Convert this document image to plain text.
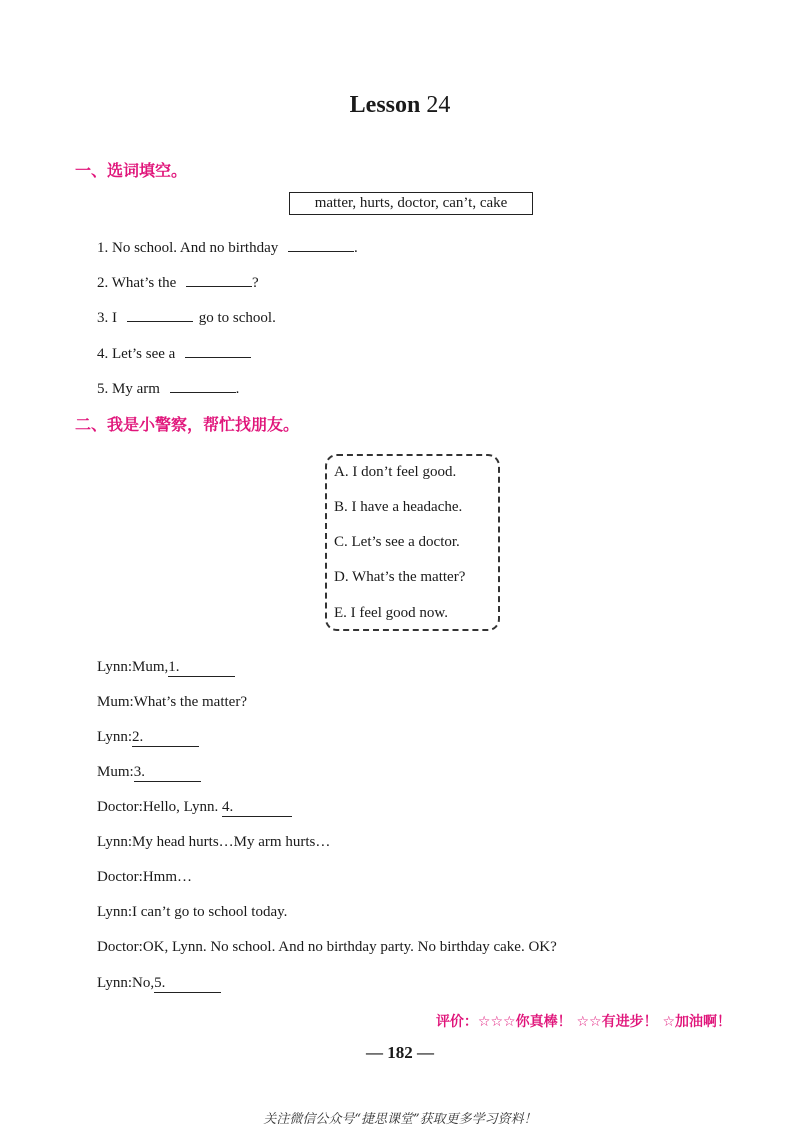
Lesson 24
一、选词填空。
matter, hurts, doctor, can’t, cake
1. No school. And no birthday	.
2. What’s the	?
3. I	go to school.
4. Let’s see a
5. My arm	.
二、我是小警察，帮忙找朋友。
A. I don’t feel good.
B. I have a headache.
C. Let’s see a doctor.
D. What’s the matter?
E. I feel good now.
Lynn:Mum,1.
Mum:What’s the matter?
Lynn:2.
Mum:3.
Doctor:Hello, Lynn. 4.
Lynn:My head hurts…My arm hurts…
Doctor:Hmm…
Lynn:I can’t go to school today.
Doctor:OK, Lynn. No school. And no birthday party. No birthday cake. OK?
Lynn:No,5.
评价：☆☆☆你真棒！ ☆☆有进步！ ☆加油啊！
— 182 —
关注微信公众号“捷思课堂”获取更多学习资料！
